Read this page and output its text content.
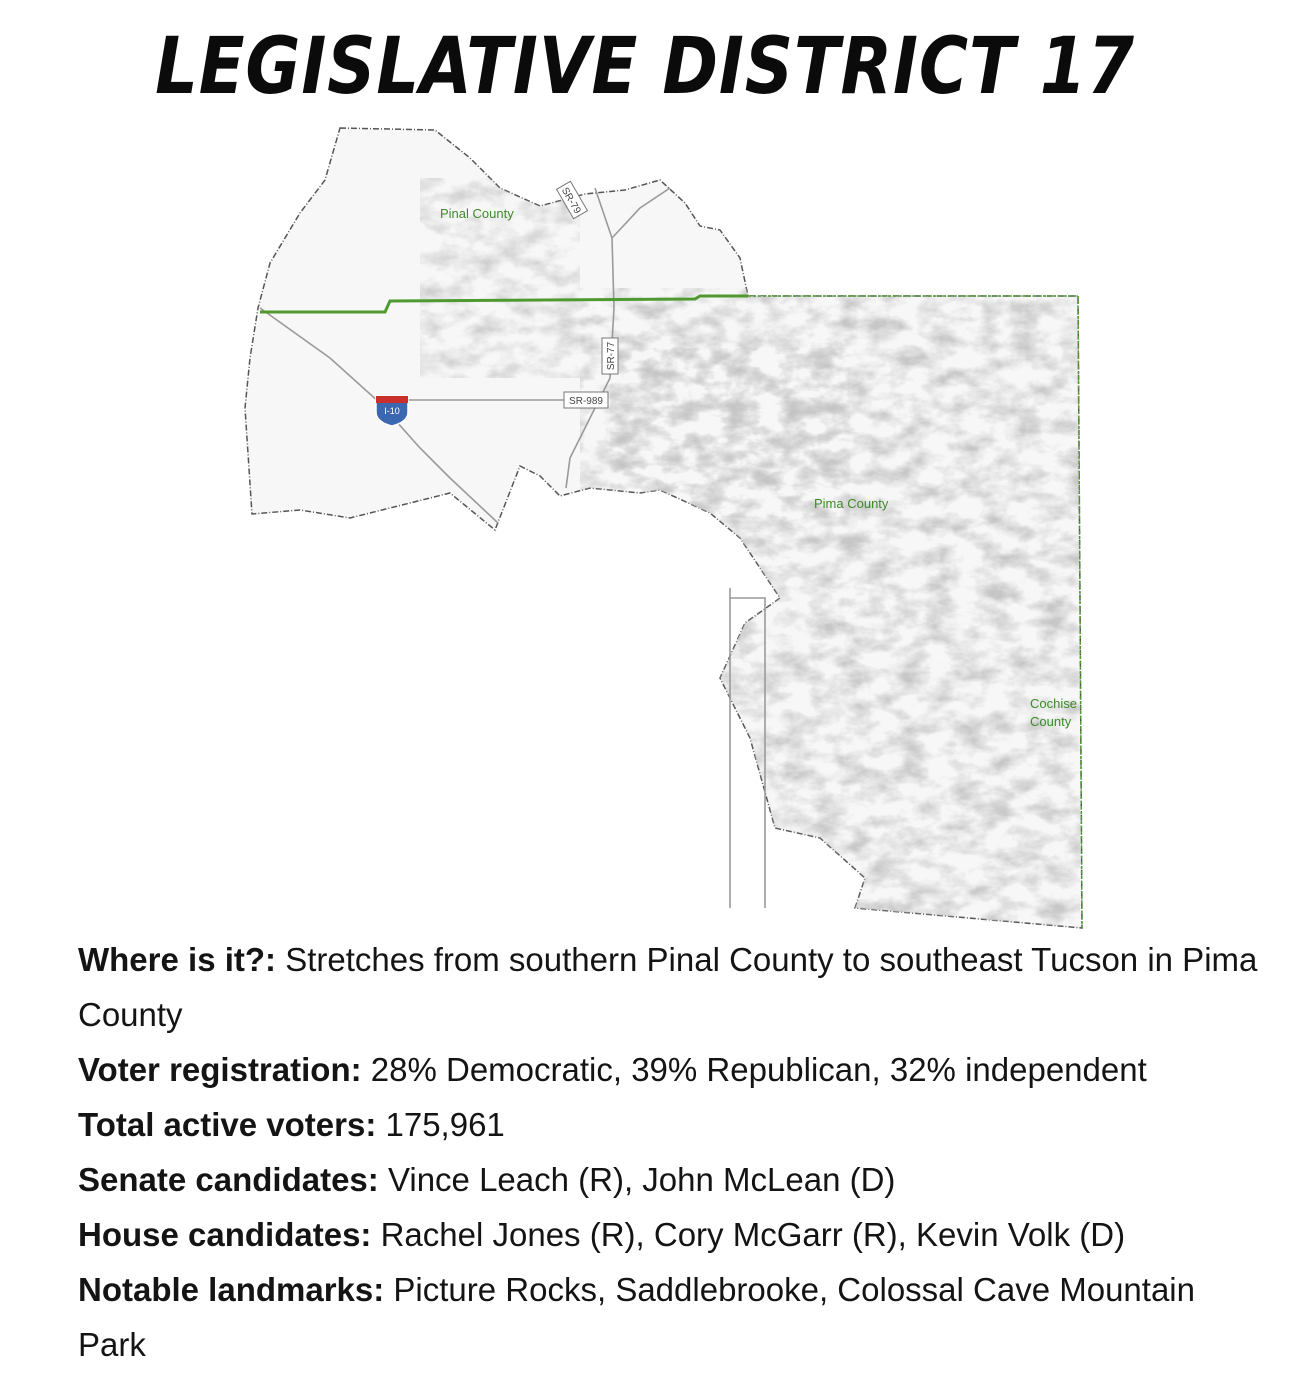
LEGISLATIVE DISTRICT 17
Pinal County
Pima County
Cochise
County
SR-79
SR-77
SR-989
I-10
Where is it?: Stretches from southern Pinal County to southeast Tucson in Pima County
Voter registration: 28% Democratic, 39% Republican, 32% independent
Total active voters: 175,961
Senate candidates: Vince Leach (R), John McLean (D)
House candidates: Rachel Jones (R), Cory McGarr (R), Kevin Volk (D)
Notable landmarks: Picture Rocks, Saddlebrooke, Colossal Cave Mountain Park
